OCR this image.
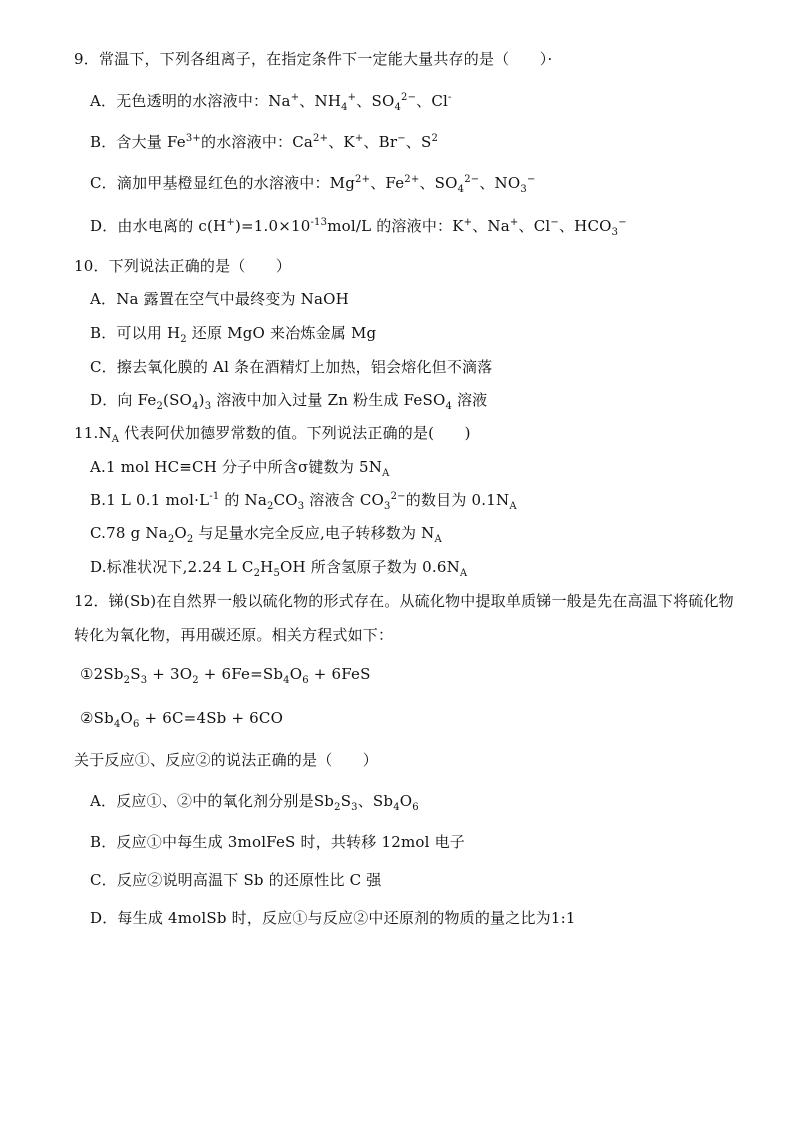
9．常温下，下列各组离子，在指定条件下一定能大量共存的是（　　）·
A．无色透明的水溶液中：Na+、$NH_4^+$、$SO_4^{2-}$、Cl-
B．含大量 $Fe^{3+}$的水溶液中：$Ca^{2+}$、K+、Br−、$S^2$
C．滴加甲基橙显红色的水溶液中：$Mg^{2+}$、$Fe^{2+}$、$SO_4^{2-}$、$NO_3^-$
D．由水电离的 $c(H^+)=1.0\times 10^{-13}mol/L$ 的溶液中：K+、Na+、Cl−、$HCO_3^-$
10．下列说法正确的是（　　）
A．Na 露置在空气中最终变为 NaOH
B．可以用 $H_2$ 还原 MgO 来冶炼金属 Mg
C．擦去氧化膜的 Al 条在酒精灯上加热，铝会熔化但不滴落
D．向 $Fe_2(SO_4)_3$ 溶液中加入过量 Zn 粉生成 FeSO$_4$ 溶液
$11.N_A$ 代表阿伏加德罗常数的值。下列说法正确的是(　　)
A.1 mol HC≡CH 分子中所含σ键数为 $5N_A$
B.1 L 0.1 $mol\cdot L^{-1}$ 的 $Na_2CO_3$ 溶液含 $CO_3^{2-}$的数目为 $0.1N_A$
C.78 g $Na_2O_2$ 与足量水完全反应,电子转移数为 $N_A$
D.标准状况下,2.24 L $C_2H_5OH$ 所含氢原子数为 $0.6N_A$
12．锑(Sb)在自然界一般以硫化物的形式存在。从硫化物中提取单质锑一般是先在高温下将硫化物
转化为氧化物，再用碳还原。相关方程式如下：
$①2Sb_2S_3 + 3O_2 + 6Fe=Sb_4O_6 + 6FeS$
$②Sb_4O_6 + 6C=4Sb + 6CO$
关于反应①、反应②的说法正确的是（　　）
A．反应①、②中的氧化剂分别是$Sb_2S_3$、$Sb_4O_6$
B．反应①中每生成 3molFeS 时，共转移 12mol 电子
C．反应②说明高温下 Sb 的还原性比 C 强
D．每生成 4molSb 时，反应①与反应②中还原剂的物质的量之比为1:1
